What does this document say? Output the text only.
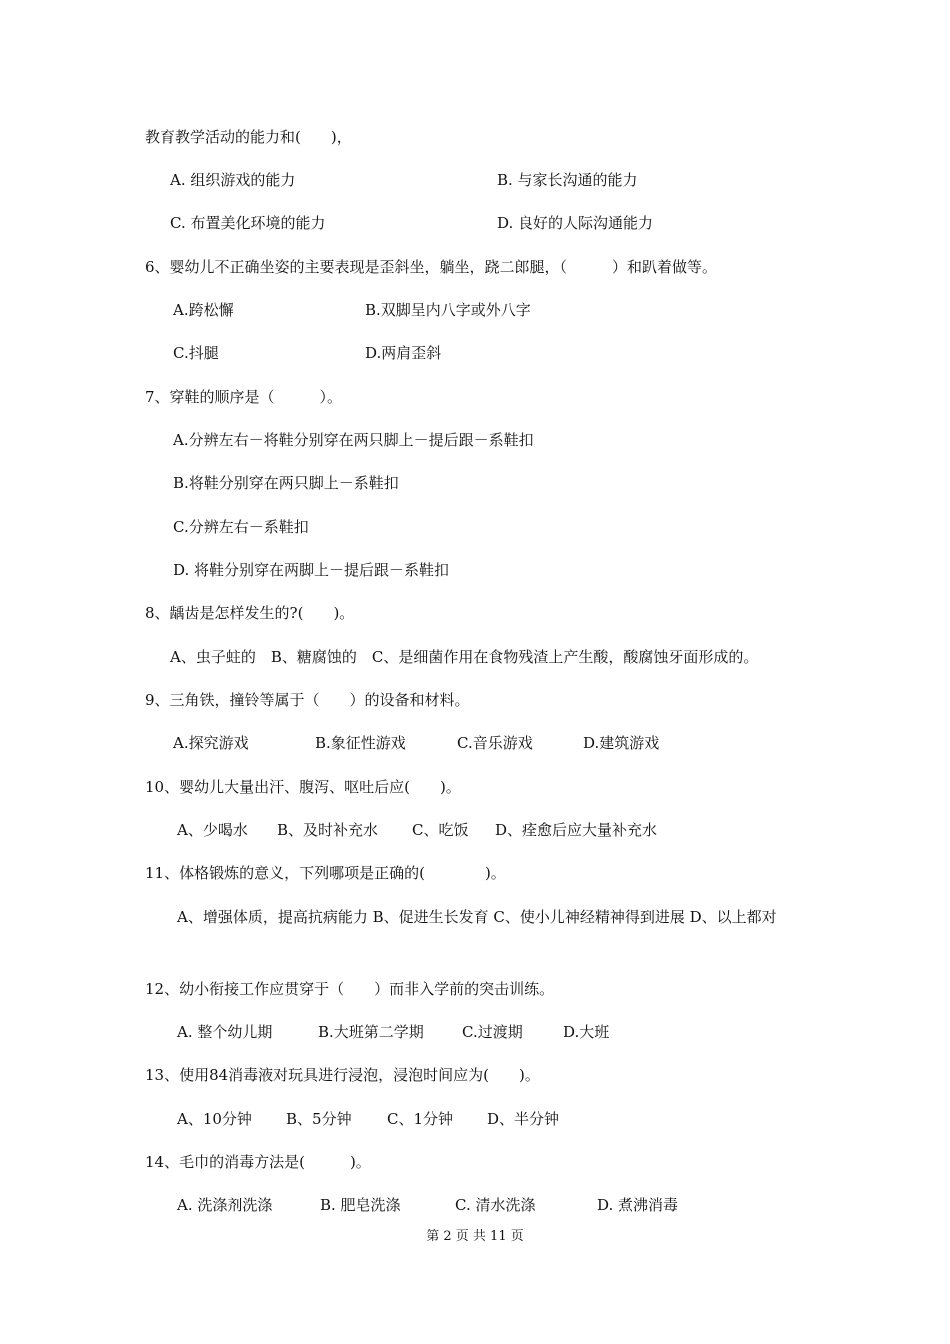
教育教学活动的能力和(　　)，
A. 组织游戏的能力	B. 与家长沟通的能力
C. 布置美化环境的能力	D. 良好的人际沟通能力
6、婴幼儿不正确坐姿的主要表现是歪斜坐，躺坐，跷二郎腿，（　　　）和趴着做等。
A.跨松懈	B.双脚呈内八字或外八字
C.抖腿	D.两肩歪斜
7、穿鞋的顺序是（　　　）。
A.分辨左右－将鞋分别穿在两只脚上－提后跟－系鞋扣
B.将鞋分别穿在两只脚上－系鞋扣
C.分辨左右－系鞋扣
D. 将鞋分别穿在两脚上－提后跟－系鞋扣
8、龋齿是怎样发生的?(　　)。
A、虫子蛀的　B、糖腐蚀的　C、是细菌作用在食物残渣上产生酸，酸腐蚀牙面形成的。
9、三角铁，撞铃等属于（　　）的设备和材料。
A.探究游戏	B.象征性游戏	C.音乐游戏	D.建筑游戏
10、婴幼儿大量出汗、腹泻、呕吐后应(　　)。
A、少喝水 B、及时补充水 C、吃饭 D、痊愈后应大量补充水
11、体格锻炼的意义，下列哪项是正确的(　　　　)。
A、增强体质，提高抗病能力 B、促进生长发育 C、使小儿神经精神得到进展 D、以上都对
12、幼小衔接工作应贯穿于（　　）而非入学前的突击训练。
A. 整个幼儿期	B.大班第二学期	C.过渡期	D.大班
13、使用84消毒液对玩具进行浸泡，浸泡时间应为(　　)。
A、10分钟 B、5分钟 C、1分钟 D、半分钟
14、毛巾的消毒方法是(　　　)。
A. 洗涤剂洗涤	B. 肥皂洗涤	C. 清水洗涤	D. 煮沸消毒
第 2 页 共 11 页
